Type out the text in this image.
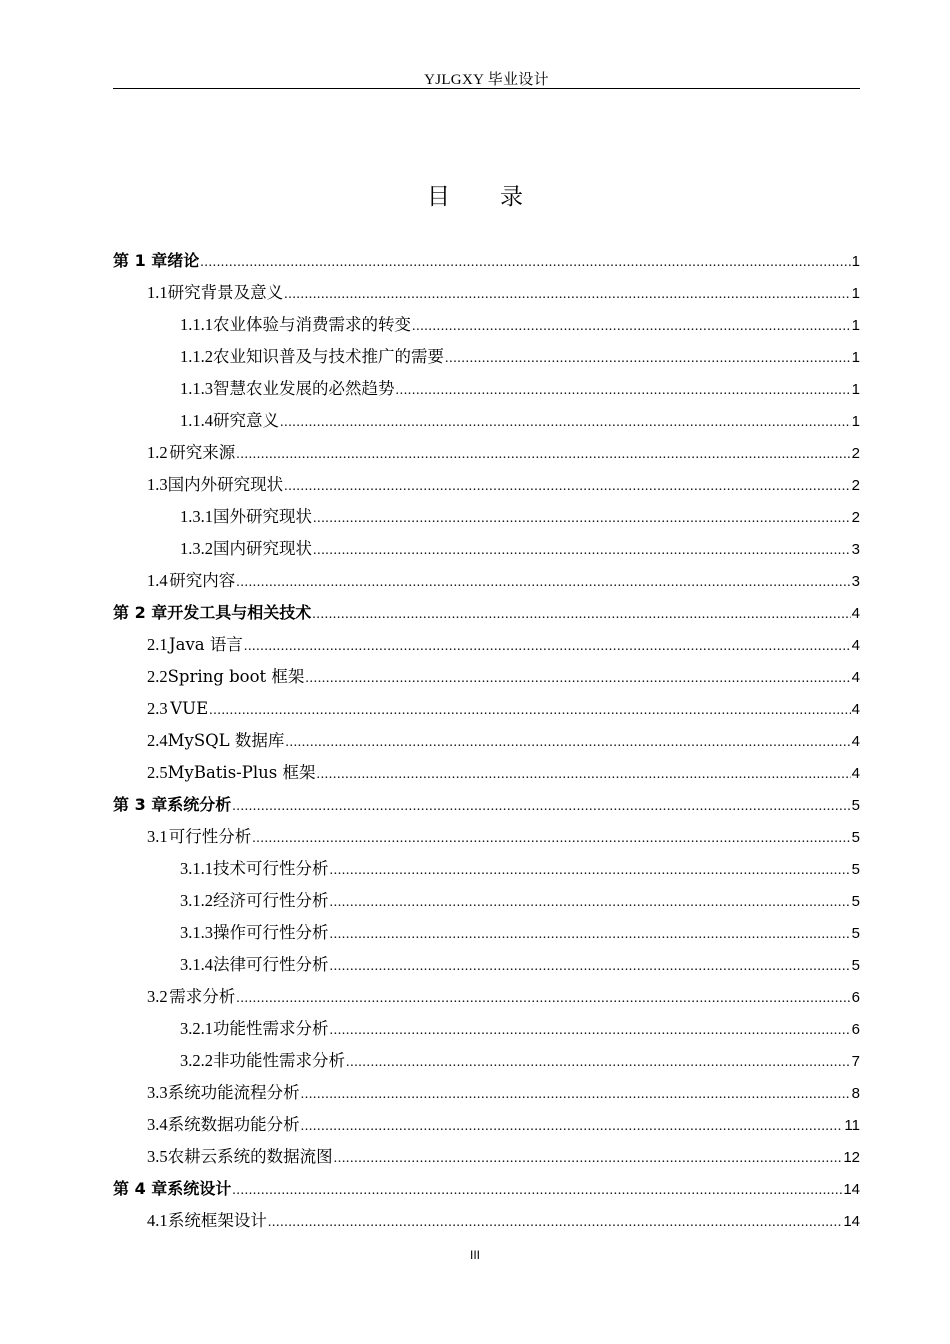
YJLGXY 毕业设计
目录
第 1 章 绪论 .....	1
1.1 研究背景及意义 .....	1
1.1.1 农业体验与消费需求的转变 .....	1
1.1.2 农业知识普及与技术推广的需要 .....	1
1.1.3 智慧农业发展的必然趋势 .....	1
1.1.4 研究意义 .....	1
1.2 研究来源 .....	2
1.3 国内外研究现状 .....	2
1.3.1 国外研究现状 .....	2
1.3.2 国内研究现状 .....	3
1.4 研究内容 .....	3
第 2 章 开发工具与相关技术 .....	4
2.1 Java 语言 .....	4
2.2 Spring boot 框架 .....	4
2.3 VUE .....	4
2.4 MySQL 数据库 .....	4
2.5 MyBatis-Plus 框架 .....	4
第 3 章 系统分析 .....	5
3.1 可行性分析 .....	5
3.1.1 技术可行性分析 .....	5
3.1.2 经济可行性分析 .....	5
3.1.3 操作可行性分析 .....	5
3.1.4 法律可行性分析 .....	5
3.2 需求分析 .....	6
3.2.1 功能性需求分析 .....	6
3.2.2 非功能性需求分析 .....	7
3.3 系统功能流程分析 .....	8
3.4 系统数据功能分析 .....	11
3.5 农耕云系统的数据流图 .....	12
第 4 章 系统设计 .....	14
4.1 系统框架设计 .....	14
III
